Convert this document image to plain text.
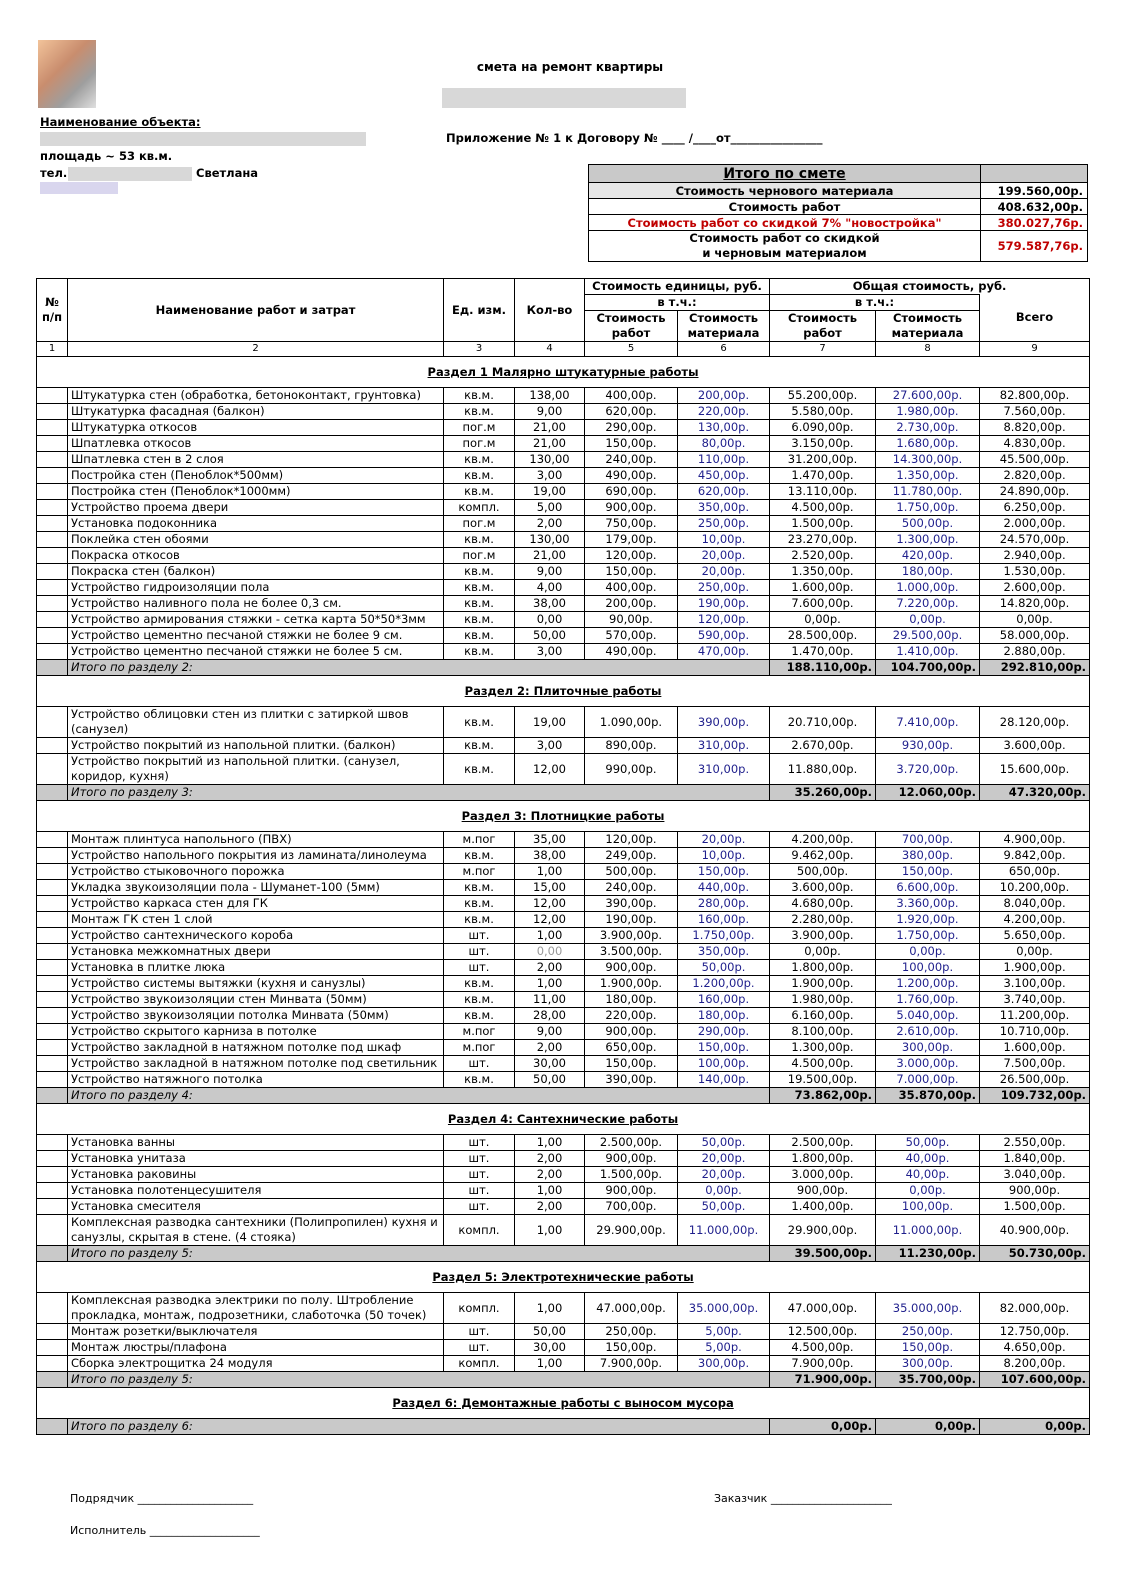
смета на ремонт квартиры
Наименование объекта:
площадь ~ 53 кв.м.
тел.	Светлана
Приложение № 1 к Договору № ____ /____от________________
Итого по смете	
Стоимость чернового материала	199.560,00р.
Стоимость работ	408.632,00р.
Стоимость работ со скидкой 7% "новостройка"	380.027,76р.
Стоимость работ со скидкой
и черновым материалом	579.587,76р.
№ п/п	Наименование работ и затрат	Ед. изм.	Кол-во	Стоимость единицы, руб.		Общая стоимость, руб.		
				в т.ч.:		в т.ч.:		Всего
				Стоимость работ	Стоимость материала	Стоимость работ	Стоимость материала	
1	2	3	4	5	6	7	8	9
Раздел 1 Малярно штукатурные работы								
	Штукатурка стен (обработка, бетоноконтакт, грунтовка)	кв.м.	138,00	400,00р.	200,00р.	55.200,00р.	27.600,00р.	82.800,00р.
	Штукатурка фасадная (балкон)	кв.м.	9,00	620,00р.	220,00р.	5.580,00р.	1.980,00р.	7.560,00р.
	Штукатурка откосов	пог.м	21,00	290,00р.	130,00р.	6.090,00р.	2.730,00р.	8.820,00р.
	Шпатлевка откосов	пог.м	21,00	150,00р.	80,00р.	3.150,00р.	1.680,00р.	4.830,00р.
	Шпатлевка стен в 2 слоя	кв.м.	130,00	240,00р.	110,00р.	31.200,00р.	14.300,00р.	45.500,00р.
	Постройка стен (Пеноблок*500мм)	кв.м.	3,00	490,00р.	450,00р.	1.470,00р.	1.350,00р.	2.820,00р.
	Постройка стен (Пеноблок*1000мм)	кв.м.	19,00	690,00р.	620,00р.	13.110,00р.	11.780,00р.	24.890,00р.
	Устройство проема двери	компл.	5,00	900,00р.	350,00р.	4.500,00р.	1.750,00р.	6.250,00р.
	Установка подоконника	пог.м	2,00	750,00р.	250,00р.	1.500,00р.	500,00р.	2.000,00р.
	Поклейка стен обоями	кв.м.	130,00	179,00р.	10,00р.	23.270,00р.	1.300,00р.	24.570,00р.
	Покраска откосов	пог.м	21,00	120,00р.	20,00р.	2.520,00р.	420,00р.	2.940,00р.
	Покраска стен (балкон)	кв.м.	9,00	150,00р.	20,00р.	1.350,00р.	180,00р.	1.530,00р.
	Устройство гидроизоляции пола	кв.м.	4,00	400,00р.	250,00р.	1.600,00р.	1.000,00р.	2.600,00р.
	Устройство наливного пола не более 0,3 см.	кв.м.	38,00	200,00р.	190,00р.	7.600,00р.	7.220,00р.	14.820,00р.
	Устройство армирования стяжки - сетка карта 50*50*3мм	кв.м.	0,00	90,00р.	120,00р.	0,00р.	0,00р.	0,00р.
	Устройство цементно песчаной стяжки не более 9 см.	кв.м.	50,00	570,00р.	590,00р.	28.500,00р.	29.500,00р.	58.000,00р.
	Устройство цементно песчаной стяжки не более 5 см.	кв.м.	3,00	490,00р.	470,00р.	1.470,00р.	1.410,00р.	2.880,00р.
	Итого по разделу 2:					188.110,00р.	104.700,00р.	292.810,00р.
Раздел 2: Плиточные работы								
	Устройство облицовки стен из плитки с затиркой швов (санузел)	кв.м.	19,00	1.090,00р.	390,00р.	20.710,00р.	7.410,00р.	28.120,00р.
	Устройство покрытий из напольной плитки. (балкон)	кв.м.	3,00	890,00р.	310,00р.	2.670,00р.	930,00р.	3.600,00р.
	Устройство покрытий из напольной плитки. (санузел, коридор, кухня)	кв.м.	12,00	990,00р.	310,00р.	11.880,00р.	3.720,00р.	15.600,00р.
	Итого по разделу 3:					35.260,00р.	12.060,00р.	47.320,00р.
Раздел 3: Плотницкие работы								
	Монтаж плинтуса напольного (ПВХ)	м.пог	35,00	120,00р.	20,00р.	4.200,00р.	700,00р.	4.900,00р.
	Устройство напольного покрытия из ламината/линолеума	кв.м.	38,00	249,00р.	10,00р.	9.462,00р.	380,00р.	9.842,00р.
	Устройство стыковочного порожка	м.пог	1,00	500,00р.	150,00р.	500,00р.	150,00р.	650,00р.
	Укладка звукоизоляции пола - Шуманет-100 (5мм)	кв.м.	15,00	240,00р.	440,00р.	3.600,00р.	6.600,00р.	10.200,00р.
	Устройство каркаса стен для ГК	кв.м.	12,00	390,00р.	280,00р.	4.680,00р.	3.360,00р.	8.040,00р.
	Монтаж ГК стен 1 слой	кв.м.	12,00	190,00р.	160,00р.	2.280,00р.	1.920,00р.	4.200,00р.
	Устройство сантехнического короба	шт.	1,00	3.900,00р.	1.750,00р.	3.900,00р.	1.750,00р.	5.650,00р.
	Установка межкомнатных двери	шт.	0,00	3.500,00р.	350,00р.	0,00р.	0,00р.	0,00р.
	Установка в плитке люка	шт.	2,00	900,00р.	50,00р.	1.800,00р.	100,00р.	1.900,00р.
	Устройство системы вытяжки (кухня и санузлы)	кв.м.	1,00	1.900,00р.	1.200,00р.	1.900,00р.	1.200,00р.	3.100,00р.
	Устройство звукоизоляции стен Минвата (50мм)	кв.м.	11,00	180,00р.	160,00р.	1.980,00р.	1.760,00р.	3.740,00р.
	Устройство звукоизоляции потолка Минвата (50мм)	кв.м.	28,00	220,00р.	180,00р.	6.160,00р.	5.040,00р.	11.200,00р.
	Устройство скрытого карниза в потолке	м.пог	9,00	900,00р.	290,00р.	8.100,00р.	2.610,00р.	10.710,00р.
	Устройство закладной в натяжном потолке под шкаф	м.пог	2,00	650,00р.	150,00р.	1.300,00р.	300,00р.	1.600,00р.
	Устройство закладной в натяжном потолке под светильник	шт.	30,00	150,00р.	100,00р.	4.500,00р.	3.000,00р.	7.500,00р.
	Устройство натяжного потолка	кв.м.	50,00	390,00р.	140,00р.	19.500,00р.	7.000,00р.	26.500,00р.
	Итого по разделу 4:					73.862,00р.	35.870,00р.	109.732,00р.
Раздел 4: Сантехнические работы								
	Установка ванны	шт.	1,00	2.500,00р.	50,00р.	2.500,00р.	50,00р.	2.550,00р.
	Установка унитаза	шт.	2,00	900,00р.	20,00р.	1.800,00р.	40,00р.	1.840,00р.
	Установка раковины	шт.	2,00	1.500,00р.	20,00р.	3.000,00р.	40,00р.	3.040,00р.
	Установка полотенцесушителя	шт.	1,00	900,00р.	0,00р.	900,00р.	0,00р.	900,00р.
	Установка смесителя	шт.	2,00	700,00р.	50,00р.	1.400,00р.	100,00р.	1.500,00р.
	Комплексная разводка сантехники (Полипропилен) кухня и санузлы, скрытая в стене. (4 стояка)	компл.	1,00	29.900,00р.	11.000,00р.	29.900,00р.	11.000,00р.	40.900,00р.
	Итого по разделу 5:					39.500,00р.	11.230,00р.	50.730,00р.
Раздел 5: Электротехнические работы								
	Комплексная разводка электрики по полу. Штробление прокладка, монтаж, подрозетники, слаботочка (50 точек)	компл.	1,00	47.000,00р.	35.000,00р.	47.000,00р.	35.000,00р.	82.000,00р.
	Монтаж розетки/выключателя	шт.	50,00	250,00р.	5,00р.	12.500,00р.	250,00р.	12.750,00р.
	Монтаж люстры/плафона	шт.	30,00	150,00р.	5,00р.	4.500,00р.	150,00р.	4.650,00р.
	Сборка электрощитка 24 модуля	компл.	1,00	7.900,00р.	300,00р.	7.900,00р.	300,00р.	8.200,00р.
	Итого по разделу 5:					71.900,00р.	35.700,00р.	107.600,00р.
Раздел 6: Демонтажные работы с выносом мусора								
	Итого по разделу 6:					0,00р.	0,00р.	0,00р.
Подрядчик _____________________	Заказчик ______________________
Исполнитель ____________________
